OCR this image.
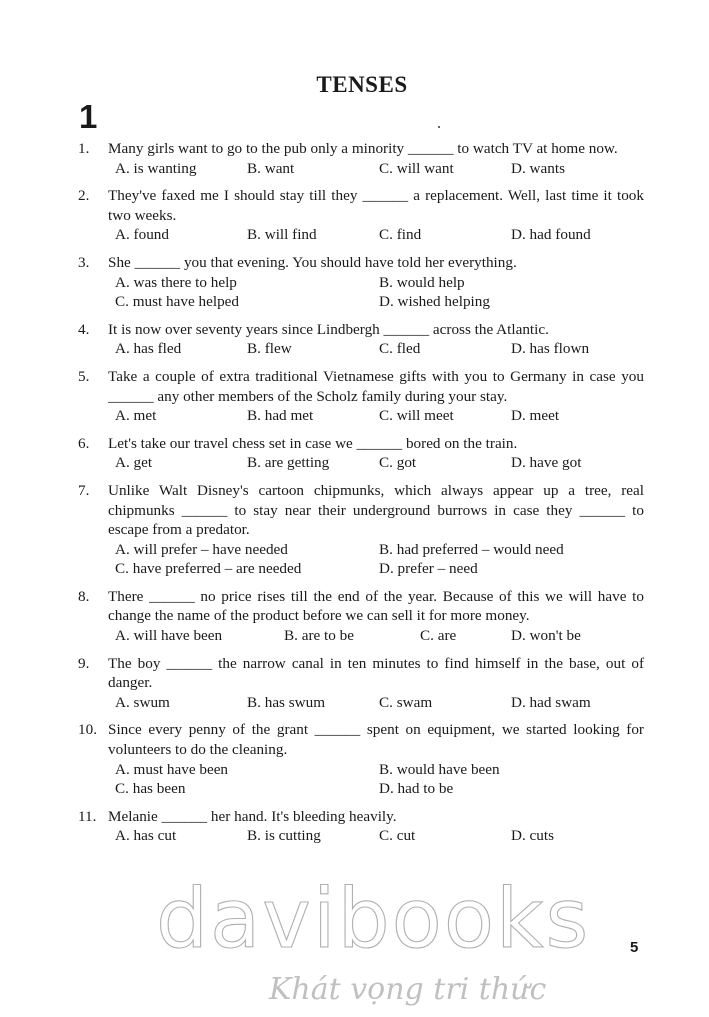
TENSES
1
1. Many girls want to go to the pub only a minority ______ to watch TV at home now.
A. is wanting	B. want	C. will want	D. wants
2. They've faxed me I should stay till they ______ a replacement. Well, last time it took two weeks.
A. found	B. will find	C. find	D. had found
3. She ______ you that evening. You should have told her everything.
A. was there to help	B. would help
C. must have helped	D. wished helping
4. It is now over seventy years since Lindbergh ______ across the Atlantic.
A. has fled	B. flew	C. fled	D. has flown
5. Take a couple of extra traditional Vietnamese gifts with you to Germany in case you ______ any other members of the Scholz family during your stay.
A. met	B. had met	C. will meet	D. meet
6. Let's take our travel chess set in case we ______ bored on the train.
A. get	B. are getting	C. got	D. have got
7. Unlike Walt Disney's cartoon chipmunks, which always appear up a tree, real chipmunks ______ to stay near their underground burrows in case they ______ to escape from a predator.
A. will prefer – have needed	B. had preferred – would need
C. have preferred – are needed	D. prefer – need
8. There ______ no price rises till the end of the year. Because of this we will have to change the name of the product before we can sell it for more money.
A. will have been	B. are to be	C. are	D. won't be
9. The boy ______ the narrow canal in ten minutes to find himself in the base, out of danger.
A. swum	B. has swum	C. swam	D. had swam
10. Since every penny of the grant ______ spent on equipment, we started looking for volunteers to do the cleaning.
A. must have been	B. would have been
C. has been	D. had to be
11. Melanie ______ her hand. It's bleeding heavily.
A. has cut	B. is cutting	C. cut	D. cuts
5
davibooks
Khát vọng tri thức
